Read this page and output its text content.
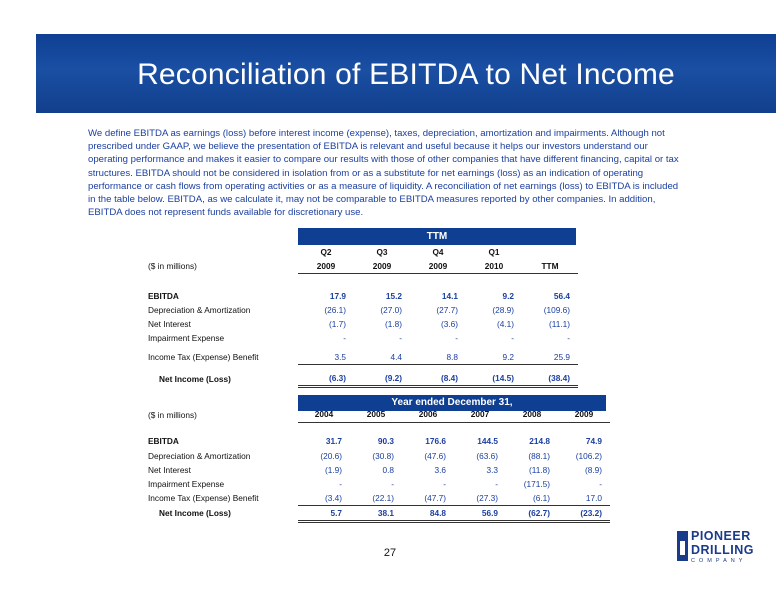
Reconciliation of EBITDA to Net Income
We define EBITDA as earnings (loss) before interest income (expense), taxes, depreciation, amortization and impairments. Although not prescribed under GAAP, we believe the presentation of EBITDA is relevant and useful because it helps our investors understand our operating performance and makes it easier to compare our results with those of other companies that have different financing, capital or tax structures. EBITDA should not be considered in isolation from or as a substitute for net earnings (loss) as an indication of operating performance or cash flows from operating activities or as a measure of liquidity. A reconciliation of net earnings (loss) to EBITDA is included in the table below. EBITDA, as we calculate it, may not be comparable to EBITDA measures reported by other companies. In addition, EBITDA does not represent funds available for discretionary use.
TTM
	Q2	Q3	Q4	Q1	
($ in millions)	2009	2009	2009	2010	TTM

EBITDA	17.9	15.2	14.1	9.2	56.4
Depreciation & Amortization	(26.1)	(27.0)	(27.7)	(28.9)	(109.6)
Net Interest	(1.7)	(1.8)	(3.6)	(4.1)	(11.1)
Impairment Expense	-	-	-	-	-

Income Tax (Expense) Benefit	3.5	4.4	8.8	9.2	25.9

Net Income (Loss)	(6.3)	(9.2)	(8.4)	(14.5)	(38.4)
Year ended December 31,
($ in millions)	2004	2005	2006	2007	2008	2009

EBITDA	31.7	90.3	176.6	144.5	214.8	74.9
Depreciation & Amortization	(20.6)	(30.8)	(47.6)	(63.6)	(88.1)	(106.2)
Net Interest	(1.9)	0.8	3.6	3.3	(11.8)	(8.9)
Impairment Expense	-	-	-	-	(171.5)	-
Income Tax (Expense) Benefit	(3.4)	(22.1)	(47.7)	(27.3)	(6.1)	17.0
Net Income (Loss)	5.7	38.1	84.8	56.9	(62.7)	(23.2)
27
PIONEER
DRILLING
COMPANY
